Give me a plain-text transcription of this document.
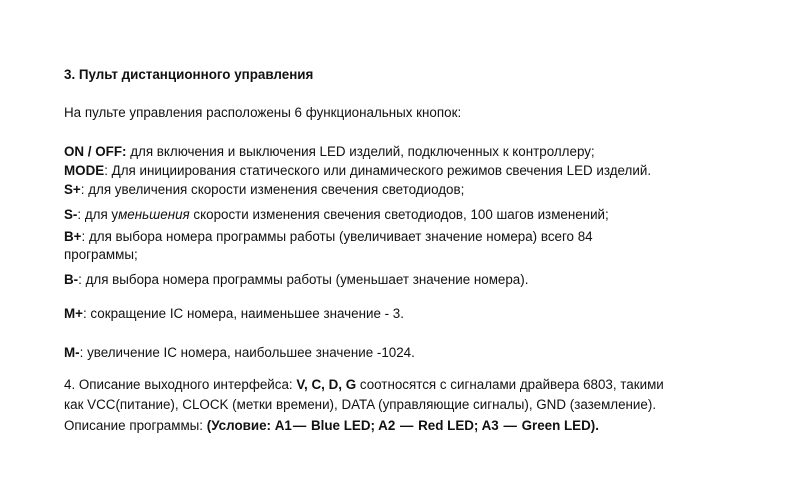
3. Пульт дистанционного управления
На пульте управления расположены 6 функциональных кнопок:
ON / OFF: для включения и выключения LED изделий, подключенных к контроллеру;
MODE: Для инициирования статического или динамического режимов свечения LED изделий.
S+: для увеличения скорости изменения свечения светодиодов;
S-: для уменьшения скорости изменения свечения светодиодов, 100 шагов изменений;
B+: для выбора номера программы работы (увеличивает значение номера) всего 84
программы;
B-: для выбора номера программы работы (уменьшает значение номера).
M+: сокращение IC номера, наименьшее значение - 3.
M-: увеличение IC номера, наибольшее значение -1024.
4. Описание выходного интерфейса: V, C, D, G соотносятся с сигналами драйвера 6803, такими
как VCC(питание), CLOCK (метки времени), DATA (управляющие сигналы), GND (заземление).
Описание программы: (Условие: A1— Blue LED; A2 — Red LED; A3 — Green LED).
